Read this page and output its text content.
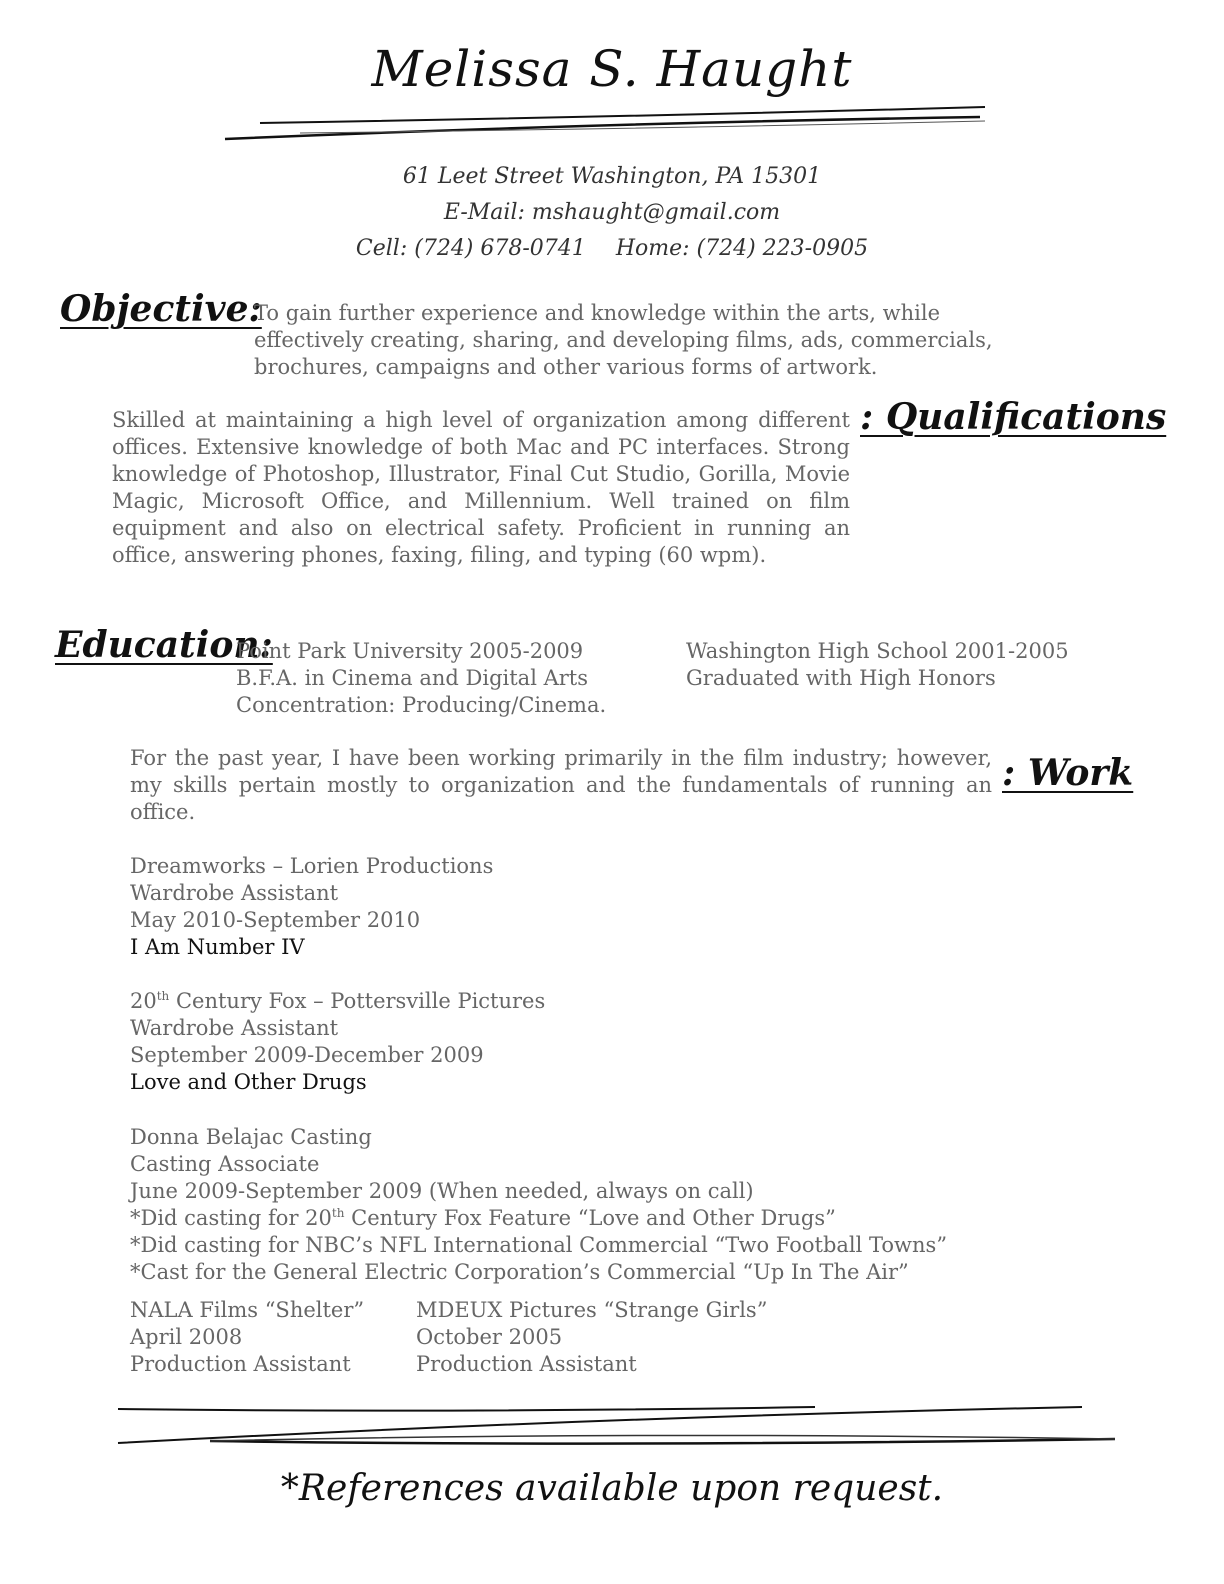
Melissa S. Haught
61 Leet Street Washington, PA 15301
E-Mail: mshaught@gmail.com
Cell: (724) 678-0741 Home: (724) 223-0905
Objective:
To gain further experience and knowledge within the arts, while effectively creating, sharing, and developing films, ads, commercials, brochures, campaigns and other various forms of artwork.
Skilled at maintaining a high level of organization among different offices. Extensive knowledge of both Mac and PC interfaces. Strong knowledge of Photoshop, Illustrator, Final Cut Studio, Gorilla, Movie Magic, Microsoft Office, and Millennium. Well trained on film equipment and also on electrical safety. Proficient in running an office, answering phones, faxing, filing, and typing (60 wpm).
: Qualifications
Education:
Point Park University 2005-2009
B.F.A. in Cinema and Digital Arts
Concentration: Producing/Cinema.
Washington High School 2001-2005
Graduated with High Honors
For the past year, I have been working primarily in the film industry; however, my skills pertain mostly to organization and the fundamentals of running an office.
: Work
Dreamworks – Lorien Productions
Wardrobe Assistant
May 2010-September 2010
I Am Number IV
20th Century Fox – Pottersville Pictures
Wardrobe Assistant
September 2009-December 2009
Love and Other Drugs
Donna Belajac Casting
Casting Associate
June 2009-September 2009 (When needed, always on call)
*Did casting for 20th Century Fox Feature “Love and Other Drugs”
*Did casting for NBC’s NFL International Commercial “Two Football Towns”
*Cast for the General Electric Corporation’s Commercial “Up In The Air”
NALA Films “Shelter”
April 2008
Production Assistant
MDEUX Pictures “Strange Girls”
October 2005
Production Assistant
*References available upon request.
